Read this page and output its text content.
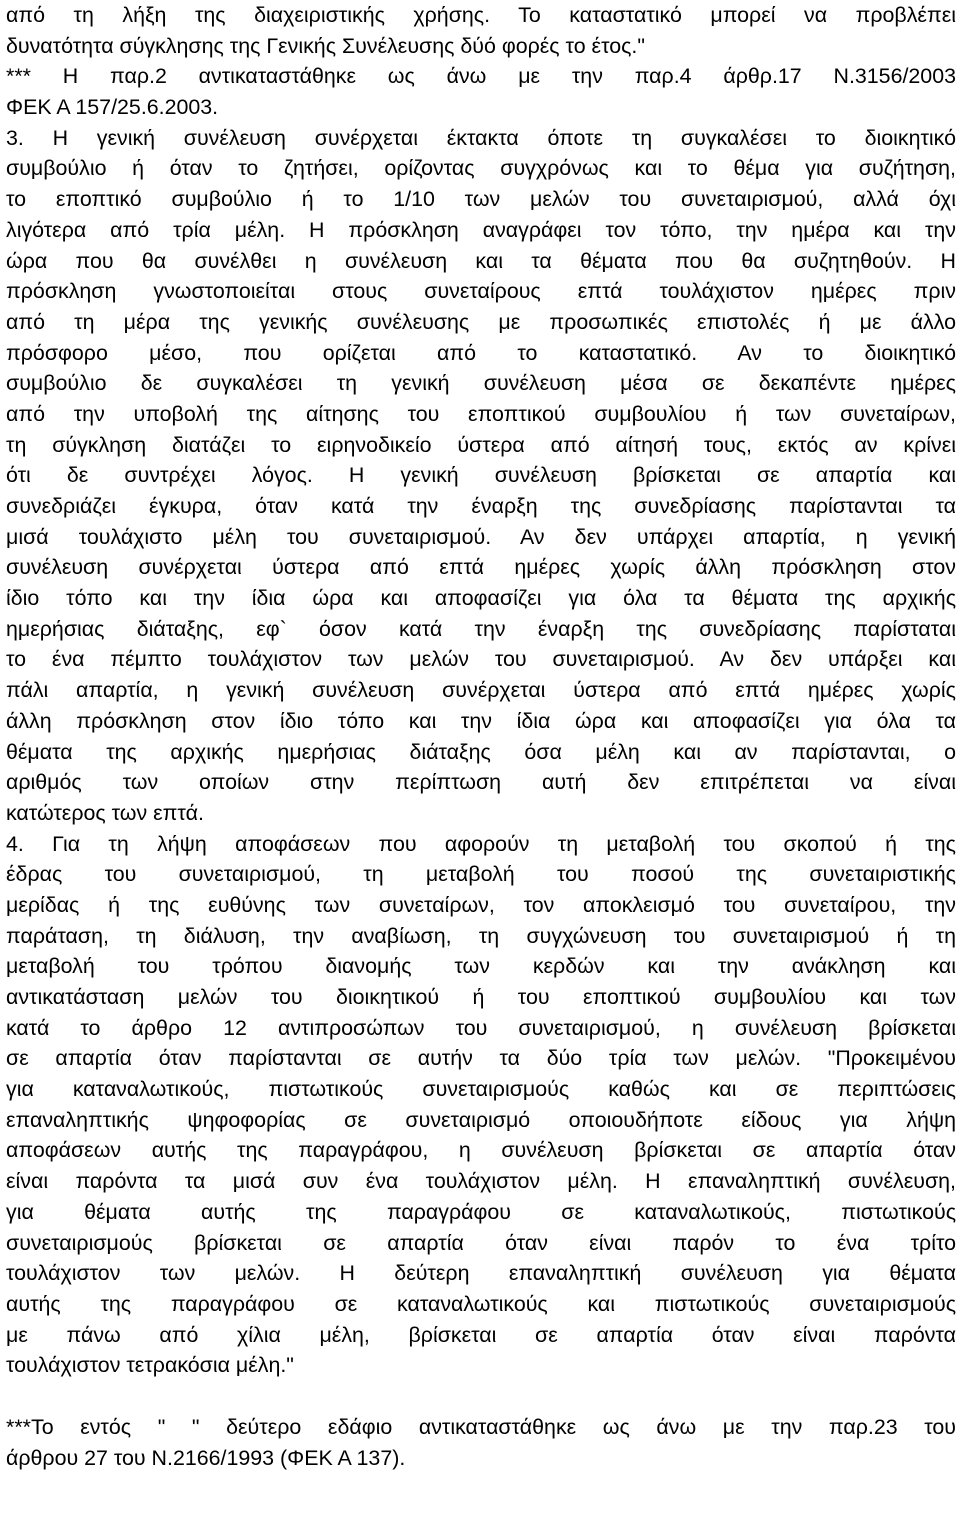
από τη λήξη της διαχειριστικής χρήσης. Το καταστατικό μπορεί να προβλέπει
δυνατότητα σύγκλησης της Γενικής Συνέλευσης δύό φορές το έτος."
*** Η παρ.2 αντικαταστάθηκε ως άνω με την παρ.4 άρθρ.17 Ν.3156/2003
ΦΕΚ Α 157/25.6.2003.
3. Η γενική συνέλευση συνέρχεται έκτακτα όποτε τη συγκαλέσει το διοικητικό
συμβούλιο ή όταν το ζητήσει, ορίζοντας συγχρόνως και το θέμα για συζήτηση,
το εποπτικό συμβούλιο ή το 1/10 των μελών του συνεταιρισμού, αλλά όχι
λιγότερα από τρία μέλη. Η πρόσκληση αναγράφει τον τόπο, την ημέρα και την
ώρα που θα συνέλθει η συνέλευση και τα θέματα που θα συζητηθούν. Η
πρόσκληση γνωστοποιείται στους συνεταίρους επτά τουλάχιστον ημέρες πριν
από τη μέρα της γενικής συνέλευσης με προσωπικές επιστολές ή με άλλο
πρόσφορο μέσο, που ορίζεται από το καταστατικό. Αν το διοικητικό
συμβούλιο δε συγκαλέσει τη γενική συνέλευση μέσα σε δεκαπέντε ημέρες
από την υποβολή της αίτησης του εποπτικού συμβουλίου ή των συνεταίρων,
τη σύγκληση διατάζει το ειρηνοδικείο ύστερα από αίτησή τους, εκτός αν κρίνει
ότι δε συντρέχει λόγος. Η γενική συνέλευση βρίσκεται σε απαρτία και
συνεδριάζει έγκυρα, όταν κατά την έναρξη της συνεδρίασης παρίστανται τα
μισά τουλάχιστο μέλη του συνεταιρισμού. Αν δεν υπάρχει απαρτία, η γενική
συνέλευση συνέρχεται ύστερα από επτά ημέρες χωρίς άλλη πρόσκληση στον
ίδιο τόπο και την ίδια ώρα και αποφασίζει για όλα τα θέματα της αρχικής
ημερήσιας διάταξης, εφ` όσον κατά την έναρξη της συνεδρίασης παρίσταται
το ένα πέμπτο τουλάχιστον των μελών του συνεταιρισμού. Αν δεν υπάρξει και
πάλι απαρτία, η γενική συνέλευση συνέρχεται ύστερα από επτά ημέρες χωρίς
άλλη πρόσκληση στον ίδιο τόπο και την ίδια ώρα και αποφασίζει για όλα τα
θέματα της αρχικής ημερήσιας διάταξης όσα μέλη και αν παρίστανται, ο
αριθμός των οποίων στην περίπτωση αυτή δεν επιτρέπεται να είναι
κατώτερος των επτά.
4. Για τη λήψη αποφάσεων που αφορούν τη μεταβολή του σκοπού ή της
έδρας του συνεταιρισμού, τη μεταβολή του ποσού της συνεταιριστικής
μερίδας ή της ευθύνης των συνεταίρων, τον αποκλεισμό του συνεταίρου, την
παράταση, τη διάλυση, την αναβίωση, τη συγχώνευση του συνεταιρισμού ή τη
μεταβολή του τρόπου διανομής των κερδών και την ανάκληση και
αντικατάσταση μελών του διοικητικού ή του εποπτικού συμβουλίου και των
κατά το άρθρο 12 αντιπροσώπων του συνεταιρισμού, η συνέλευση βρίσκεται
σε απαρτία όταν παρίστανται σε αυτήν τα δύο τρία των μελών. "Προκειμένου
για καταναλωτικούς, πιστωτικούς συνεταιρισμούς καθώς και σε περιπτώσεις
επαναληπτικής ψηφοφορίας σε συνεταιρισμό οποιουδήποτε είδους για λήψη
αποφάσεων αυτής της παραγράφου, η συνέλευση βρίσκεται σε απαρτία όταν
είναι παρόντα τα μισά συν ένα τουλάχιστον μέλη. Η επαναληπτική συνέλευση,
για θέματα αυτής της παραγράφου σε καταναλωτικούς, πιστωτικούς
συνεταιρισμούς βρίσκεται σε απαρτία όταν είναι παρόν το ένα τρίτο
τουλάχιστον των μελών. Η δεύτερη επαναληπτική συνέλευση για θέματα
αυτής της παραγράφου σε καταναλωτικούς και πιστωτικούς συνεταιρισμούς
με πάνω από χίλια μέλη, βρίσκεται σε απαρτία όταν είναι παρόντα
τουλάχιστον τετρακόσια μέλη."
***Το εντός " " δεύτερο εδάφιο αντικαταστάθηκε ως άνω με την παρ.23 του
άρθρου 27 του Ν.2166/1993 (ΦΕΚ Α 137).
